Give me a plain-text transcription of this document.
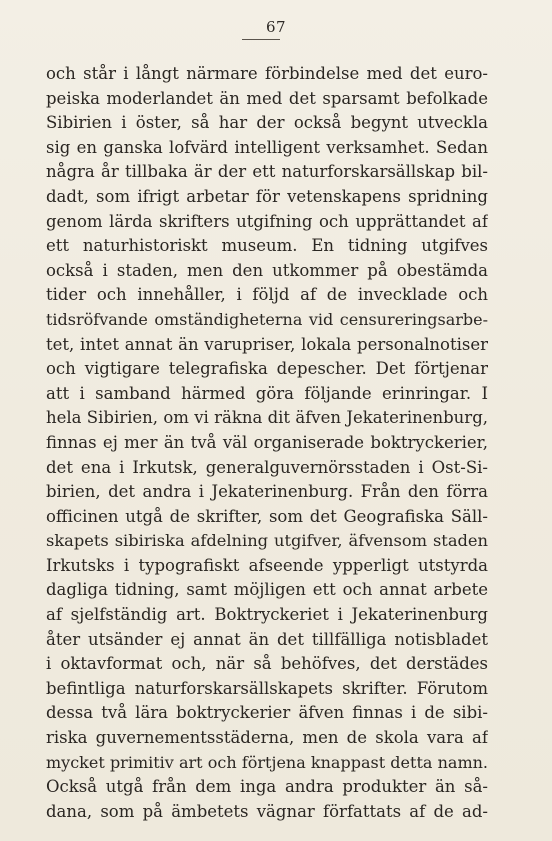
67
och står i långt närmare förbindelse med det euro-
peiska moderlandet än med det sparsamt befolkade
Sibirien i öster, så har der också begynt utveckla
sig en ganska lofvärd intelligent verksamhet. Sedan
några år tillbaka är der ett naturforskarsällskap bil-
dadt, som ifrigt arbetar för vetenskapens spridning
genom lärda skrifters utgifning och upprättandet af
ett naturhistoriskt museum. En tidning utgifves
också i staden, men den utkommer på obestämda
tider och innehåller, i följd af de invecklade och
tidsröfvande omständigheterna vid censureringsarbe-
tet, intet annat än varupriser, lokala personalnotiser
och vigtigare telegrafiska depescher. Det förtjenar
att i samband härmed göra följande erinringar. I
hela Sibirien, om vi räkna dit äfven Jekaterinenburg,
finnas ej mer än två väl organiserade boktryckerier,
det ena i Irkutsk, generalguvernörsstaden i Ost-Si-
birien, det andra i Jekaterinenburg. Från den förra
officinen utgå de skrifter, som det Geografiska Säll-
skapets sibiriska afdelning utgifver, äfvensom staden
Irkutsks i typografiskt afseende ypperligt utstyrda
dagliga tidning, samt möjligen ett och annat arbete
af sjelfständig art. Boktryckeriet i Jekaterinenburg
åter utsänder ej annat än det tillfälliga notisbladet
i oktavformat och, när så behöfves, det derstädes
befintliga naturforskarsällskapets skrifter. Förutom
dessa två lära boktryckerier äfven finnas i de sibi-
riska guvernementsstäderna, men de skola vara af
mycket primitiv art och förtjena knappast detta namn.
Också utgå från dem inga andra produkter än så-
dana, som på ämbetets vägnar författats af de ad-
